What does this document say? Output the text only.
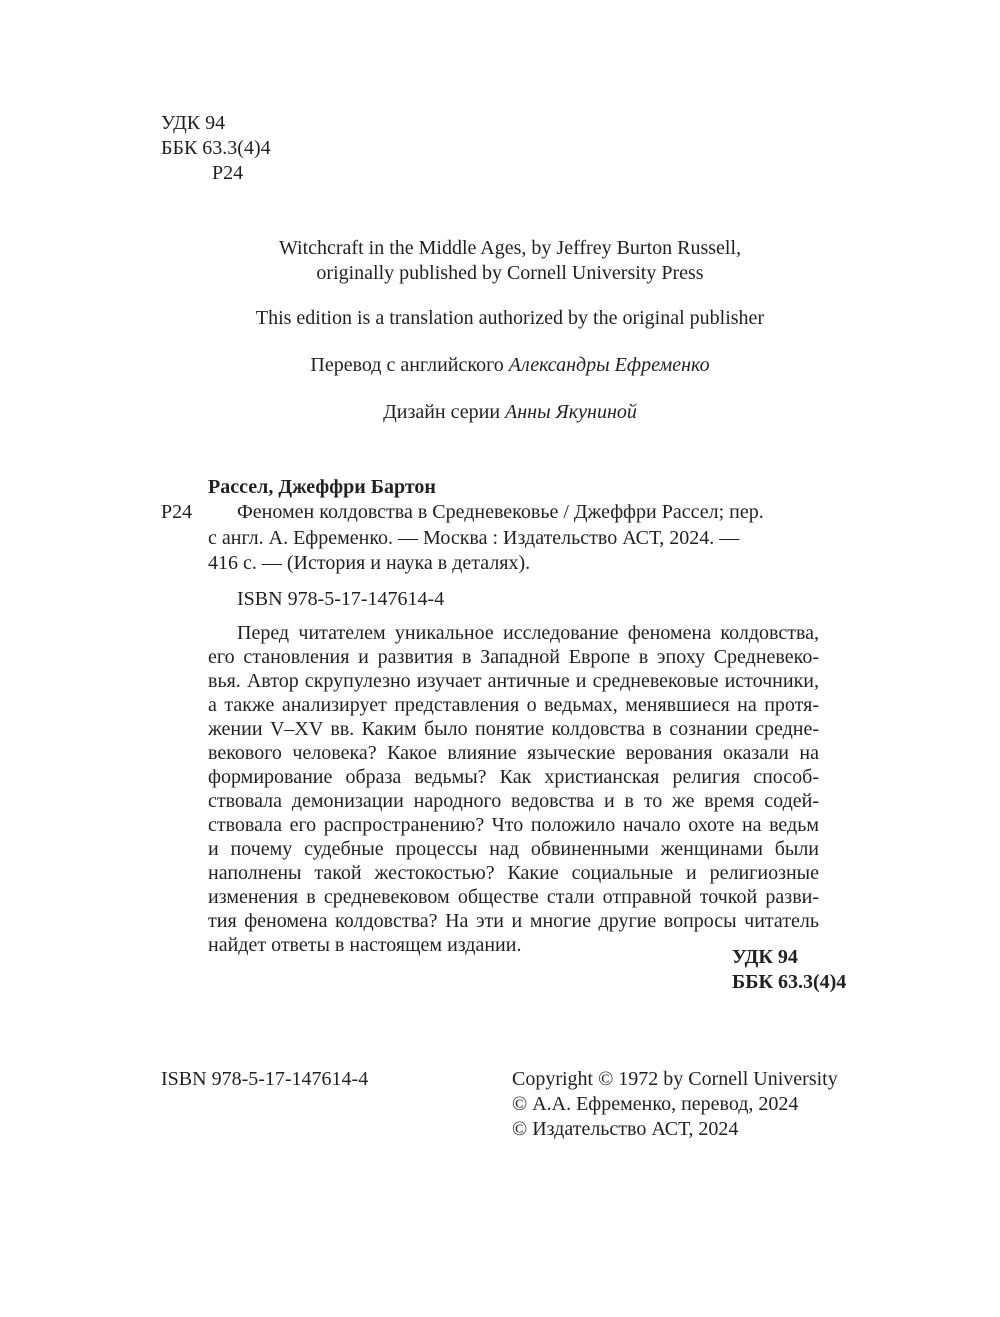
УДК 94
ББК 63.3(4)4
Р24
Witchcraft in the Middle Ages, by Jeffrey Burton Russell,
originally published by Cornell University Press
This edition is a translation authorized by the original publisher
Перевод с английского Александры Ефременко
Дизайн серии Анны Якуниной
Рассел, Джеффри Бартон
Р24 Феномен колдовства в Средневековье / Джеффри Рассел; пер.
с англ. А. Ефременко. — Москва : Издательство АСТ, 2024. —
416 с. — (История и наука в деталях).
ISBN 978-5-17-147614-4
Перед читателем уникальное исследование феномена колдовства,
его становления и развития в Западной Европе в эпоху Средневеко-
вья. Автор скрупулезно изучает античные и средневековые источники,
а также анализирует представления о ведьмах, менявшиеся на протя-
жении V–XV вв. Каким было понятие колдовства в сознании средне-
векового человека? Какое влияние языческие верования оказали на
формирование образа ведьмы? Как христианская религия способ-
ствовала демонизации народного ведовства и в то же время содей-
ствовала его распространению? Что положило начало охоте на ведьм
и почему судебные процессы над обвиненными женщинами были
наполнены такой жестокостью? Какие социальные и религиозные
изменения в средневековом обществе стали отправной точкой разви-
тия феномена колдовства? На эти и многие другие вопросы читатель
найдет ответы в настоящем издании.
УДК 94
ББК 63.3(4)4
ISBN 978-5-17-147614-4	Copyright © 1972 by Cornell University
© А.А. Ефременко, перевод, 2024
© Издательство АСТ, 2024
